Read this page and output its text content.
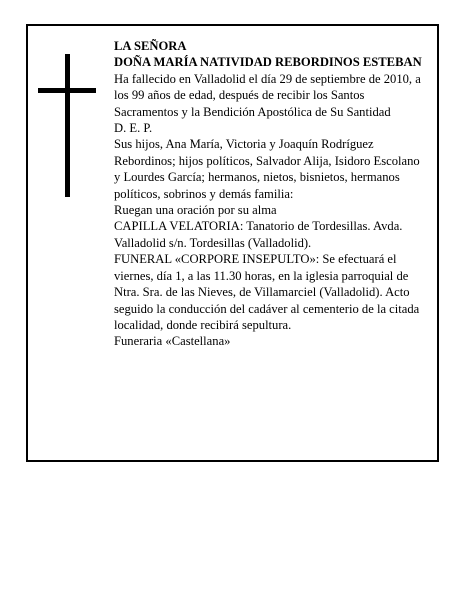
LA SEÑORA

DOÑA MARÍA NATIVIDAD REBORDINOS ESTEBAN

Ha fallecido en Valladolid el día 29 de septiembre de 2010, a los 99 años de edad, después de recibir los Santos Sacramentos y la Bendición Apostólica de Su Santidad

D. E. P.

Sus hijos, Ana María, Victoria y Joaquín Rodríguez Rebordinos; hijos políticos, Salvador Alija, Isidoro Escolano y Lourdes García; hermanos, nietos, bisnietos, hermanos políticos, sobrinos y demás familia:

Ruegan una oración por su alma

CAPILLA VELATORIA: Tanatorio de Tordesillas. Avda. Valladolid s/n. Tordesillas (Valladolid).

FUNERAL «CORPORE INSEPULTO»: Se efectuará el viernes, día 1, a las 11.30 horas, en la iglesia parroquial de Ntra. Sra. de las Nieves, de Villamarciel (Valladolid). Acto seguido la conducción del cadáver al cementerio de la citada localidad, donde recibirá sepultura.

Funeraria «Castellana»
